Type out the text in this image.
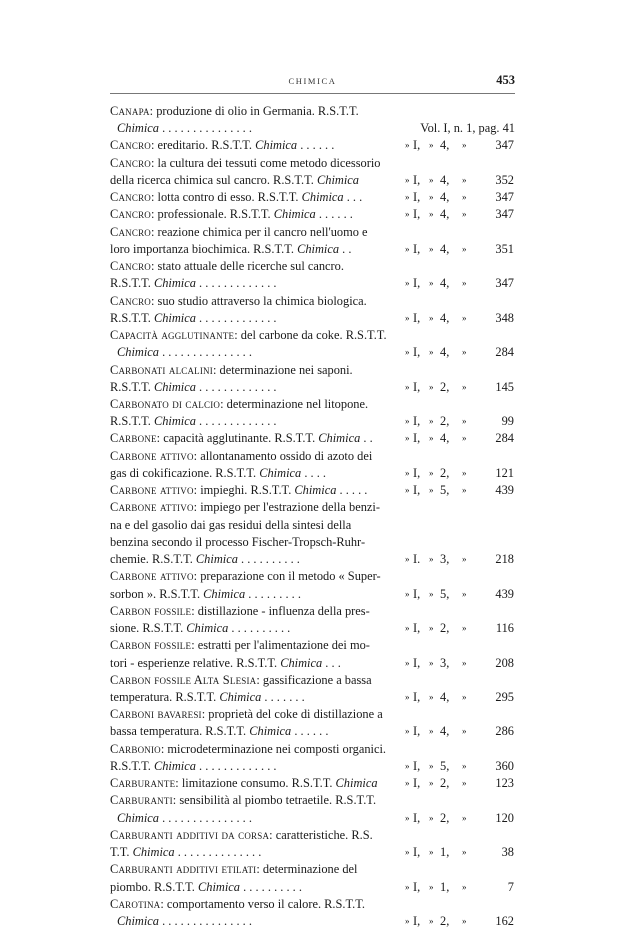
CHIMICA	453
Canapa: produzione di olio in Germania. R.S.T.T.
Chimica . . . . . . . . . . . . . . .	Vol. I, n. 1, pag. 41
Cancro: ereditario. R.S.T.T. Chimica . . . . . .	» I, » 4, » 347
Cancro: la cultura dei tessuti come metodo dicessorio
della ricerca chimica sul cancro. R.S.T.T. Chimica	» I, » 4, » 352
Cancro: lotta contro di esso. R.S.T.T. Chimica . . .	» I, » 4, » 347
Cancro: professionale. R.S.T.T. Chimica . . . . . .	» I, » 4, » 347
Cancro: reazione chimica per il cancro nell'uomo e
loro importanza biochimica. R.S.T.T. Chimica . .	» I, » 4, » 351
Cancro: stato attuale delle ricerche sul cancro.
R.S.T.T. Chimica . . . . . . . . . . . . .	» I, » 4, » 347
Cancro: suo studio attraverso la chimica biologica.
R.S.T.T. Chimica . . . . . . . . . . . . .	» I, » 4, » 348
Capacità agglutinante: del carbone da coke. R.S.T.T.
Chimica . . . . . . . . . . . . . . .	» I, » 4, » 284
Carbonati alcalini: determinazione nei saponi.
R.S.T.T. Chimica . . . . . . . . . . . . .	» I, » 2, » 145
Carbonato di calcio: determinazione nel litopone.
R.S.T.T. Chimica . . . . . . . . . . . . .	» I, » 2, »	99
Carbone: capacità agglutinante. R.S.T.T. Chimica . .	» I, » 4, » 284
Carbone attivo: allontanamento ossido di azoto dei
gas di cokificazione. R.S.T.T. Chimica . . . .	» I, » 2, » 121
Carbone attivo: impieghi. R.S.T.T. Chimica . . . . .	» I, » 5, » 439
Carbone attivo: impiego per l'estrazione della benzi-
na e del gasolio dai gas residui della sintesi della
benzina secondo il processo Fischer-Tropsch-Ruhr-
chemie. R.S.T.T. Chimica . . . . . . . . . .	» I. » 3, » 218
Carbone attivo: preparazione con il metodo « Super-
sorbon ». R.S.T.T. Chimica . . . . . . . . .	» I, » 5, » 439
Carbon fossile: distillazione - influenza della pres-
sione. R.S.T.T. Chimica . . . . . . . . . .	» I, » 2, » 116
Carbon fossile: estratti per l'alimentazione dei mo-
tori - esperienze relative. R.S.T.T. Chimica . . .	» I, » 3, » 208
Carbon fossile Alta Slesia: gassificazione a bassa
temperatura. R.S.T.T. Chimica . . . . . . .	» I, » 4, » 295
Carboni bavaresi: proprietà del coke di distillazione a
bassa temperatura. R.S.T.T. Chimica . . . . . .	» I, » 4, » 286
Carbonio: microdeterminazione nei composti organici.
R.S.T.T. Chimica . . . . . . . . . . . . .	» I, » 5, » 360
Carburante: limitazione consumo. R.S.T.T. Chimica	» I, » 2, » 123
Carburanti: sensibilità al piombo tetraetile. R.S.T.T.
Chimica . . . . . . . . . . . . . . .	» I, » 2, » 120
Carburanti additivi da corsa: caratteristiche. R.S.
T.T. Chimica . . . . . . . . . . . . . .	» I, » 1, »	38
Carburanti additivi etilati: determinazione del
piombo. R.S.T.T. Chimica . . . . . . . . . .	» I, » 1, »	7
Carotina: comportamento verso il calore. R.S.T.T.
Chimica . . . . . . . . . . . . . . .	» I, » 2, » 162
